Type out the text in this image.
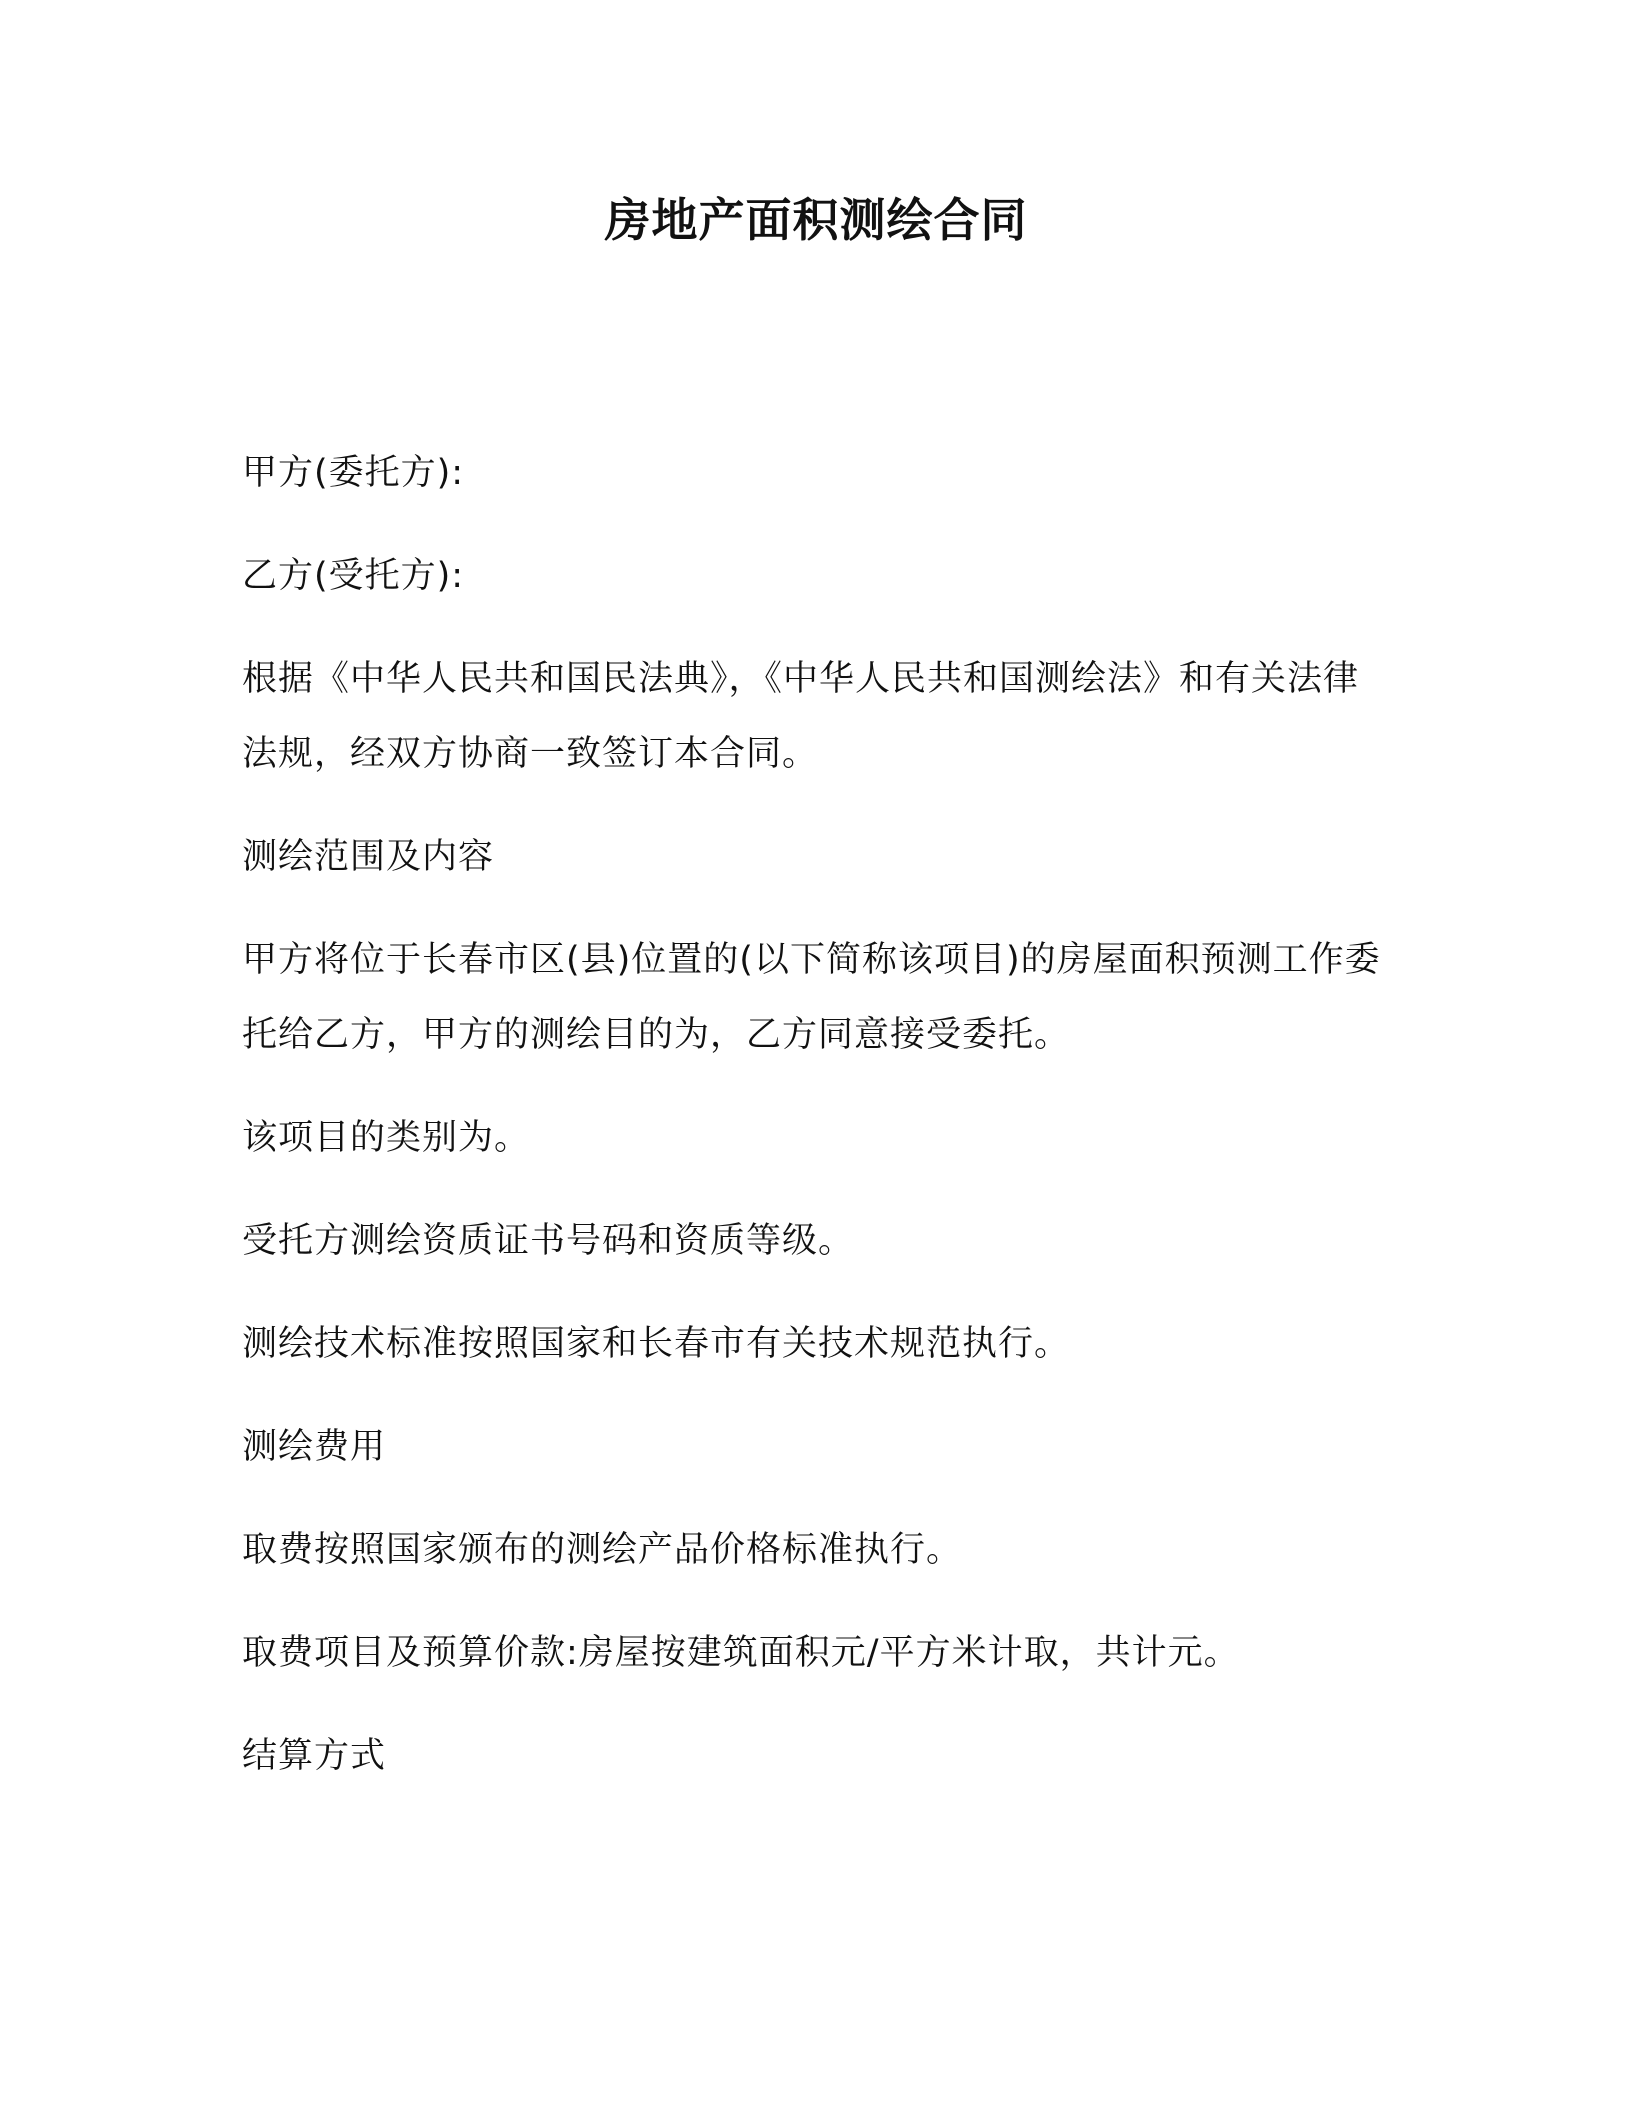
房地产面积测绘合同

甲方(委托方):

乙方(受托方):

根据《中华人民共和国民法典》，《中华人民共和国测绘法》和有关法律法规，经双方协商一致签订本合同。

测绘范围及内容

甲方将位于长春市区(县)位置的(以下简称该项目)的房屋面积预测工作委托给乙方，甲方的测绘目的为，乙方同意接受委托。

该项目的类别为。

受托方测绘资质证书号码和资质等级。

测绘技术标准按照国家和长春市有关技术规范执行。

测绘费用

取费按照国家颁布的测绘产品价格标准执行。

取费项目及预算价款:房屋按建筑面积元/平方米计取，共计元。

结算方式
